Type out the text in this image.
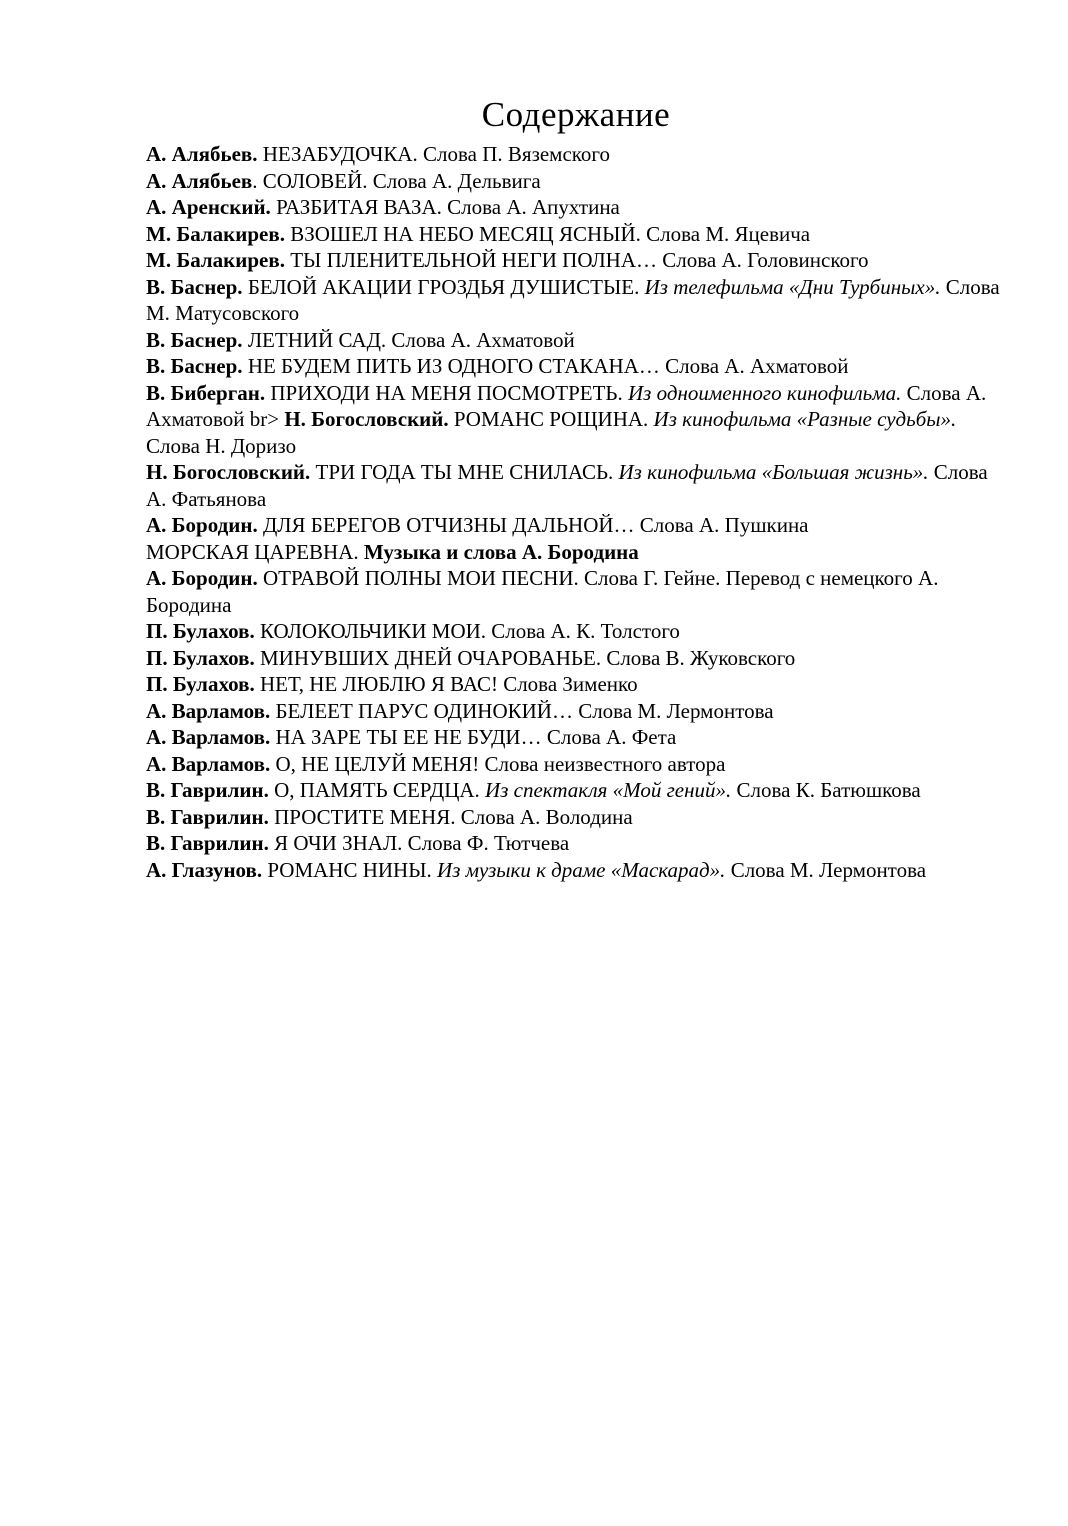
Содержание
А. Алябьев. НЕЗАБУДОЧКА. Слова П. Вяземского
А. Алябьев. СОЛОВЕЙ. Слова А. Дельвига
А. Аренский. РАЗБИТАЯ ВАЗА. Слова А. Апухтина
М. Балакирев. ВЗОШЕЛ НА НЕБО МЕСЯЦ ЯСНЫЙ. Слова М. Яцевича
М. Балакирев. ТЫ ПЛЕНИТЕЛЬНОЙ НЕГИ ПОЛНА… Слова А. Головинского
В. Баснер. БЕЛОЙ АКАЦИИ ГРОЗДЬЯ ДУШИСТЫЕ. Из телефильма «Дни Турбиных». Слова М. Матусовского
В. Баснер. ЛЕТНИЙ САД. Слова А. Ахматовой
В. Баснер. НЕ БУДЕМ ПИТЬ ИЗ ОДНОГО СТАКАНА… Слова А. Ахматовой
В. Биберган. ПРИХОДИ НА МЕНЯ ПОСМОТРЕТЬ. Из одноименного кинофильма. Слова А. Ахматовой br> Н. Богословский. РОМАНС РОЩИНА. Из кинофильма «Разные судьбы». Слова Н. Доризо
Н. Богословский. ТРИ ГОДА ТЫ МНЕ СНИЛАСЬ. Из кинофильма «Большая жизнь». Слова А. Фатьянова
А. Бородин. ДЛЯ БЕРЕГОВ ОТЧИЗНЫ ДАЛЬНОЙ… Слова А. Пушкина
МОРСКАЯ ЦАРЕВНА. Музыка и слова А. Бородина
А. Бородин. ОТРАВОЙ ПОЛНЫ МОИ ПЕСНИ. Слова Г. Гейне. Перевод с немецкого А. Бородина
П. Булахов. КОЛОКОЛЬЧИКИ МОИ. Слова А. К. Толстого
П. Булахов. МИНУВШИХ ДНЕЙ ОЧАРОВАНЬЕ. Слова В. Жуковского
П. Булахов. НЕТ, НЕ ЛЮБЛЮ Я ВАС! Слова Зименко
А. Варламов. БЕЛЕЕТ ПАРУС ОДИНОКИЙ… Слова М. Лермонтова
А. Варламов. НА ЗАРЕ ТЫ ЕЕ НЕ БУДИ… Слова А. Фета
А. Варламов. О, НЕ ЦЕЛУЙ МЕНЯ! Слова неизвестного автора
В. Гаврилин. О, ПАМЯТЬ СЕРДЦА. Из спектакля «Мой гений». Слова К. Батюшкова
В. Гаврилин. ПРОСТИТЕ МЕНЯ. Слова А. Володина
В. Гаврилин. Я ОЧИ ЗНАЛ. Слова Ф. Тютчева
А. Глазунов. РОМАНС НИНЫ. Из музыки к драме «Маскарад». Слова М. Лермонтова
